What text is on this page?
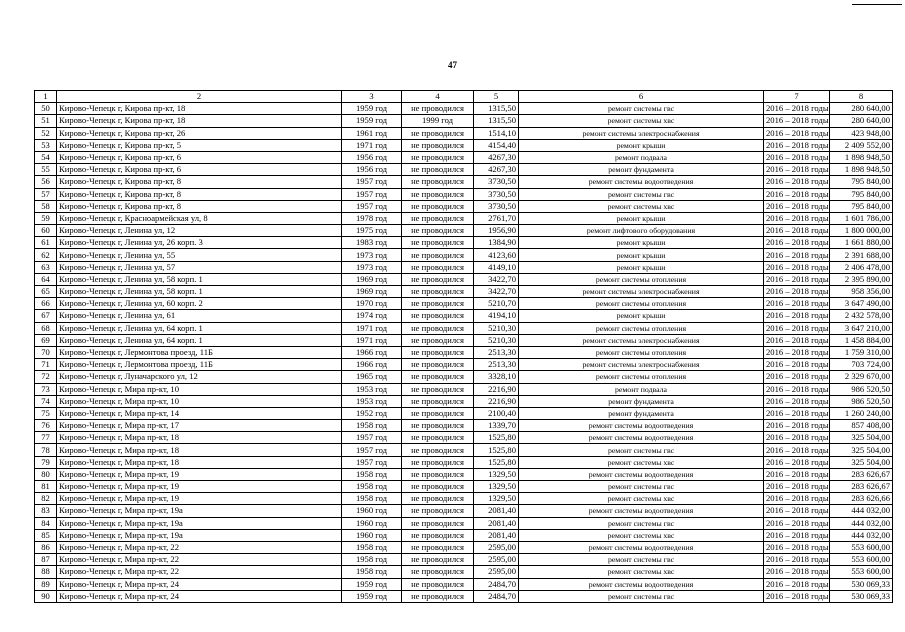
47
1	2	3	4	5	6	7	8
50	Кирово-Чепецк г, Кирова пр-кт, 18	1959 год	не проводился	1315,50	ремонт системы гвс	2016 – 2018 годы	280 640,00
51	Кирово-Чепецк г, Кирова пр-кт, 18	1959 год	1999 год	1315,50	ремонт системы хвс	2016 – 2018 годы	280 640,00
52	Кирово-Чепецк г, Кирова пр-кт, 26	1961 год	не проводился	1514,10	ремонт системы электроснабжения	2016 – 2018 годы	423 948,00
53	Кирово-Чепецк г, Кирова пр-кт, 5	1971 год	не проводился	4154,40	ремонт крыши	2016 – 2018 годы	2 409 552,00
54	Кирово-Чепецк г, Кирова пр-кт, 6	1956 год	не проводился	4267,30	ремонт подвала	2016 – 2018 годы	1 898 948,50
55	Кирово-Чепецк г, Кирова пр-кт, 6	1956 год	не проводился	4267,30	ремонт фундамента	2016 – 2018 годы	1 898 948,50
56	Кирово-Чепецк г, Кирова пр-кт, 8	1957 год	не проводился	3730,50	ремонт системы водоотведения	2016 – 2018 годы	795 840,00
57	Кирово-Чепецк г, Кирова пр-кт, 8	1957 год	не проводился	3730,50	ремонт системы гвс	2016 – 2018 годы	795 840,00
58	Кирово-Чепецк г, Кирова пр-кт, 8	1957 год	не проводился	3730,50	ремонт системы хвс	2016 – 2018 годы	795 840,00
59	Кирово-Чепецк г, Красноармейская ул, 8	1978 год	не проводился	2761,70	ремонт крыши	2016 – 2018 годы	1 601 786,00
60	Кирово-Чепецк г, Ленина ул, 12	1975 год	не проводился	1956,90	ремонт лифтового оборудования	2016 – 2018 годы	1 800 000,00
61	Кирово-Чепецк г, Ленина ул, 26 корп. 3	1983 год	не проводился	1384,90	ремонт крыши	2016 – 2018 годы	1 661 880,00
62	Кирово-Чепецк г, Ленина ул, 55	1973 год	не проводился	4123,60	ремонт крыши	2016 – 2018 годы	2 391 688,00
63	Кирово-Чепецк г, Ленина ул, 57	1973 год	не проводился	4149,10	ремонт крыши	2016 – 2018 годы	2 406 478,00
64	Кирово-Чепецк г, Ленина ул, 58 корп. 1	1969 год	не проводился	3422,70	ремонт системы отопления	2016 – 2018 годы	2 395 890,00
65	Кирово-Чепецк г, Ленина ул, 58 корп. 1	1969 год	не проводился	3422,70	ремонт системы электроснабжения	2016 – 2018 годы	958 356,00
66	Кирово-Чепецк г, Ленина ул, 60 корп. 2	1970 год	не проводился	5210,70	ремонт системы отопления	2016 – 2018 годы	3 647 490,00
67	Кирово-Чепецк г, Ленина ул, 61	1974 год	не проводился	4194,10	ремонт крыши	2016 – 2018 годы	2 432 578,00
68	Кирово-Чепецк г, Ленина ул, 64 корп. 1	1971 год	не проводился	5210,30	ремонт системы отопления	2016 – 2018 годы	3 647 210,00
69	Кирово-Чепецк г, Ленина ул, 64 корп. 1	1971 год	не проводился	5210,30	ремонт системы электроснабжения	2016 – 2018 годы	1 458 884,00
70	Кирово-Чепецк г, Лермонтова проезд, 11Б	1966 год	не проводился	2513,30	ремонт системы отопления	2016 – 2018 годы	1 759 310,00
71	Кирово-Чепецк г, Лермонтова проезд, 11Б	1966 год	не проводился	2513,30	ремонт системы электроснабжения	2016 – 2018 годы	703 724,00
72	Кирово-Чепецк г, Луначарского ул, 12	1965 год	не проводился	3328,10	ремонт системы отопления	2016 – 2018 годы	2 329 670,00
73	Кирово-Чепецк г, Мира пр-кт, 10	1953 год	не проводился	2216,90	ремонт подвала	2016 – 2018 годы	986 520,50
74	Кирово-Чепецк г, Мира пр-кт, 10	1953 год	не проводился	2216,90	ремонт фундамента	2016 – 2018 годы	986 520,50
75	Кирово-Чепецк г, Мира пр-кт, 14	1952 год	не проводился	2100,40	ремонт фундамента	2016 – 2018 годы	1 260 240,00
76	Кирово-Чепецк г, Мира пр-кт, 17	1958 год	не проводился	1339,70	ремонт системы водоотведения	2016 – 2018 годы	857 408,00
77	Кирово-Чепецк г, Мира пр-кт, 18	1957 год	не проводился	1525,80	ремонт системы водоотведения	2016 – 2018 годы	325 504,00
78	Кирово-Чепецк г, Мира пр-кт, 18	1957 год	не проводился	1525,80	ремонт системы гвс	2016 – 2018 годы	325 504,00
79	Кирово-Чепецк г, Мира пр-кт, 18	1957 год	не проводился	1525,80	ремонт системы хвс	2016 – 2018 годы	325 504,00
80	Кирово-Чепецк г, Мира пр-кт, 19	1958 год	не проводился	1329,50	ремонт системы водоотведения	2016 – 2018 годы	283 626,67
81	Кирово-Чепецк г, Мира пр-кт, 19	1958 год	не проводился	1329,50	ремонт системы гвс	2016 – 2018 годы	283 626,67
82	Кирово-Чепецк г, Мира пр-кт, 19	1958 год	не проводился	1329,50	ремонт системы хвс	2016 – 2018 годы	283 626,66
83	Кирово-Чепецк г, Мира пр-кт, 19а	1960 год	не проводился	2081,40	ремонт системы водоотведения	2016 – 2018 годы	444 032,00
84	Кирово-Чепецк г, Мира пр-кт, 19а	1960 год	не проводился	2081,40	ремонт системы гвс	2016 – 2018 годы	444 032,00
85	Кирово-Чепецк г, Мира пр-кт, 19а	1960 год	не проводился	2081,40	ремонт системы хвс	2016 – 2018 годы	444 032,00
86	Кирово-Чепецк г, Мира пр-кт, 22	1958 год	не проводился	2595,00	ремонт системы водоотведения	2016 – 2018 годы	553 600,00
87	Кирово-Чепецк г, Мира пр-кт, 22	1958 год	не проводился	2595,00	ремонт системы гвс	2016 – 2018 годы	553 600,00
88	Кирово-Чепецк г, Мира пр-кт, 22	1958 год	не проводился	2595,00	ремонт системы хвс	2016 – 2018 годы	553 600,00
89	Кирово-Чепецк г, Мира пр-кт, 24	1959 год	не проводился	2484,70	ремонт системы водоотведения	2016 – 2018 годы	530 069,33
90	Кирово-Чепецк г, Мира пр-кт, 24	1959 год	не проводился	2484,70	ремонт системы гвс	2016 – 2018 годы	530 069,33
